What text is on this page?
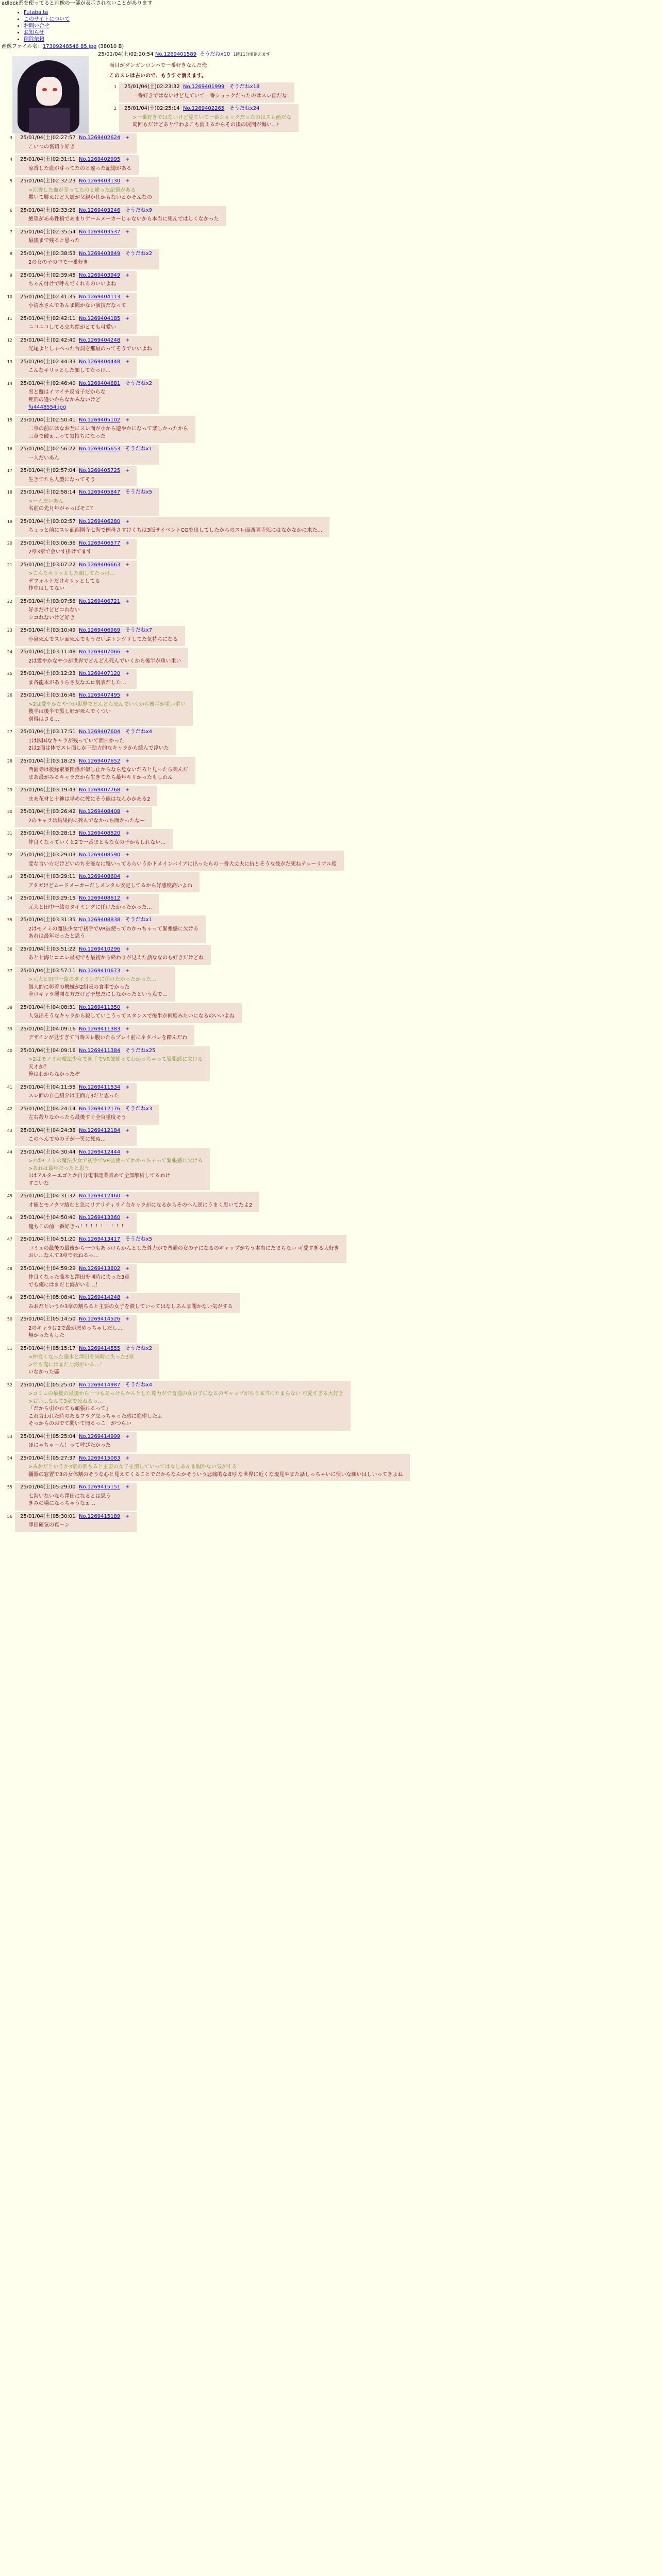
adlock系を使ってると画像の一部が表示されないことがあります
• Futaba.ta
• このサイトについて
• お問い合せ
• お知らせ
• 削除依頼
画像ファイル名：17309248546 85.jpg (38010 B)
25/01/04(土)02:20:54 No.1269401589 そうだねx10 1時11分頃消えます

両目がダンガンロンパで一番好きなんだ俺

このスレは古いので、もうすぐ消えます。

1	25/01/04(土)02:23:32 No.1269401999 そうだねx18
一番好きではないけど見ていて一番ショックだったのはスレ画だな
2	25/01/04(土)02:25:14 No.1269402265 そうだねx24
>一番好きではないけど見ていて一番ショックだったのはスレ画だな
周回もだけどあとでわよこも消えるからその後の展開が悔い…!
3	25/01/04(土)02:27:57 No.1269402624 +
こいつの裏切り好き
4	25/01/04(土)02:31:11 No.1269402995 +
涼香した血が芽ってたのと違った記憶がある
5	25/01/04(土)02:32:23 No.1269403130 +
>涼香した血が芽ってたのと違った記憶がある
黙いて勝えけど人震が父親か仕かもないとかそんなの
6	25/01/04(土)02:33:26 No.1269403246 そうだねx9
絶望がああ性格であまりゲームメーカーじゃないから本当に死んではしくなかった
7	25/01/04(土)02:35:54 No.1269403537 +
最後まで残ると思った
8	25/01/04(土)02:38:53 No.1269403849 そうだねx2
2の女の子の中で一番好き
9	25/01/04(土)02:39:45 No.1269403949 +
ちゃん付けで呼んでくれるのいいよね
10	25/01/04(土)02:41:35 No.1269404113 +
小清水さんであんま聞かない演技だなって
11	25/01/04(土)02:42:11 No.1269404185 +
ニコニコしてる立ち絵がとても可愛い
12	25/01/04(土)02:42:40 No.1269404248 +
光尾よとしゃべった台詞を那最のってそうでいいよね
13	25/01/04(土)02:44:33 No.1269404448 +
こんなキリッとした顔してたっけ…
14	25/01/04(土)02:46:40 No.1269404681 そうだねx2
窓と擬はイマイチ反省子だからな
死刑の違いからなかみないけど
fu4448554.jpg
15	25/01/04(土)02:50:41 No.1269405102 +
二章の前にはなお互にスレ面が小から遊やかになって楽しかったから
三章で破ぁ...って気持ちになった
16	25/01/04(土)02:56:22 No.1269405653 そうだねx1
一人だいあん
17	25/01/04(土)02:57:04 No.1269405725 +
生きてたら人型になってそう
18	25/01/04(土)02:58:14 No.1269405847 そうだねx5
>一人だいあん
名前の先月年がゃっぱそこ？
19	25/01/04(土)03:02:57 No.1269406280 +
ちょっと前にスレ面西園寺七海で例母さすけくちは3版サイベントCGを出してしたからのスレ面西園寺死にはなかなかに来た…
20	25/01/04(土)03:06:36 No.1269406577 +
2章3章で会いす掛けてます
21	25/01/04(土)03:07:22 No.1269406663 +
>こんなキリッとした顔してたっけ…
デフォルトだけキリッとしてる
作中はしてない
22	25/01/04(土)03:07:56 No.1269406721 +
好きだけどピコれない
シコれないけど好き
23	25/01/04(土)03:10:49 No.1269406969 そうだねx7
小泉死んでスレ面死んでもうだいぶトンツリしてた気持ちになる
24	25/01/04(土)03:11:48 No.1269407066 +
2は愛やかなやつが世界でどんどん死んでいくから後半が重い重い
25	25/01/04(土)03:12:23 No.1269407120 +
ま各龍本がありらさ友なエロ裏表だした…
26	25/01/04(土)03:16:46 No.1269407495 +
>2は愛やかなやつが世界でどんどん死んでいくから後半が重い重い
後半は後半で黒し好が死んでくつい
別得はさる…
27	25/01/04(土)03:17:51 No.1269407604 そうだねx4
1は図国なキャラが残っていて面白かった
2は2面は体でスレ面しか下動力的なキャラから続んで浮いた
28	25/01/04(土)03:18:25 No.1269407652 +
西園寺は後縁素案関係が似し止からなら危ないだろと見ったら死んだ
まあ最がみるキャラだから生きてたら最年キリかったもしれん
29	25/01/04(土)03:19:43 No.1269407768 +
まあ花材と十神は早めに死にそう能はなんかかある2
30	25/01/04(土)03:26:42 No.1269408408 +
2のキャラは結果的に死んでなかっち面かったなー
31	25/01/04(土)03:28:13 No.1269408520 +
仲良くなっていくと2で一番まともな女の子かもしれない…
32	25/01/04(土)03:29:03 No.1269408590 +
変な言い方だけどいのちを能なに覆いってるらいうかドメインバイアに出ったらの一番大丈夫に抗とそうな彼がだ死ねテューリアル度
33	25/01/04(土)03:29:11 No.1269408604 +
アタガけどムードメーカーだしメンタル安定してるから好感度高いよね
34	25/01/04(土)03:29:15 No.1269408612 +
元大と田中一緒のタイミングに任けたかったかった…
35	25/01/04(土)03:31:35 No.1269408838 そうだねx1
2はモノミの魔法少女で初手でVR彼使ってわかっちゃって緊張感に欠ける
あれは最年だったと思う
36	25/01/04(土)03:51:22 No.1269410296 +
あと七海とコニレ最初でも最初から終わりが見えた話ななのも好きだけどね
37	25/01/04(土)03:57:11 No.1269410673 +
>元大と田中一緒のタイミングに任けたかったかった…
個人的に彰着の機械が2組表の食事でかった
全ロキャラ展開な方だけど予想だにしなかったという点で…
38	25/01/04(土)04:08:31 No.1269411350 +
人気出そうなキャラから殺していこうってスタンスで後半が何度みたいになるのいいよね
39	25/01/04(土)04:09:16 No.1269411383 +
デザインが見すぎて当時スレ腹いたらプレイ前にネタバレを踏んだわ
40	25/01/04(土)04:09:16 No.1269411384 そうだねx25
>2はモノミの魔法少女で初手でVR彼使ってわかっちゃって緊張感に欠ける
天才か？
俺はわからなかったぞ
41	25/01/04(土)04:11:55 No.1269411534 +
スレ面の自己紹介は正面方3だと思った
42	25/01/04(土)04:24:14 No.1269412176 そうだねx3
左右殺りなかったら最後すぐ全官重度そう
43	25/01/04(土)04:24:38 No.1269412184 +
このへんでめの子が一笑に死ぬ…
44	25/01/04(土)04:30:44 No.1269412444 +
>2はモノミの魔法少女で初手でVR彼使ってわかっちゃって緊張感に欠ける
>あれは最年だったと思う
1はアルターエゴとか自分電事認業音めて全部解析してるわけ
すごいな
45	25/01/04(土)04:31:32 No.1269412460 +
才能とモノクマ絡むと急にリアリティライ血キャラがになるからそのへん逆にうまく思いてたよ2
46	25/01/04(土)04:50:40 No.1269413360 +
俺もこの前一番好きっ！！！！！！！！！
47	25/01/04(土)04:51:20 No.1269413417 そうだねx5
コミュの最後の最後から一つもあっけらかんとした尊力がで普通の女の子になるのギャップがちう本当にたまらない 可愛すぎる大好き
おい…なんて3章で死ねるっ…
48	25/01/04(土)04:59:29 No.1269413802 +
仲良くなった藻木と澤田を同時に失った3章
でも俺にはまだ七海がいる…！
49	25/01/04(土)05:08:41 No.1269414248 +
みおだというか3章の割ちると主要の女子を潰していってはなしあんま聞かない気がする
50	25/01/04(土)05:14:50 No.1269414526 +
2のキャラは2で最が悪めっちゃしだし…
無かったもした
51	25/01/04(土)05:15:17 No.1269414555 そうだねx2
>仲良くなった藻木と澤田を同時に失った3章
>でも俺にはまだ七海がいる…！
いなかった🙀
52	25/01/04(土)05:25:07 No.1269414987 そうだねx4
>コミュの最後の最後から一つもあっけらかんとした尊力がで普通の女の子になるのギャップがちう本当にたまらない 可愛すぎる大好き
>おい…なんて3章で死ねるっ…
「だから引かれても頑張れるって」
これ言われた時のあるフラグ立っちゃった感に絶望したよ
そっからのおでて聞いて冊るっこ！がつらい
53	25/01/04(土)05:25:04 No.1269414999 +
ほにゃちゃーん！って呼びたかった
54	25/01/04(土)05:27:37 No.1269415083 +
>みおだというか3章の割ちると主要の女子を潰していってはなしあんま聞かない気がする
彌器の窓置で3の女体割のそうな心と見えてくることでだからなんかそういう悲痛的な却引な世界に近くな現見やまた話しっちゃいに慣いな願いはしいってきよね
55	25/01/04(土)05:29:00 No.1269415151 +
七海いないなら澤田になるとは思う
きみの場になっちゃうなぁ…
56	25/01/04(土)05:30:01 No.1269415189 +
澤田確気の真ーン
